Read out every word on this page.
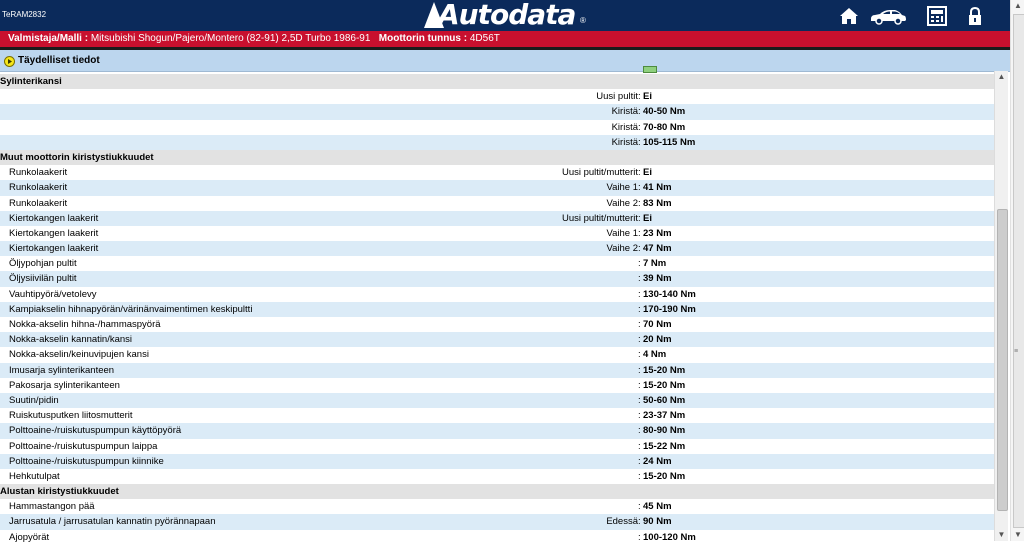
TeRAM2832	Autodata ®
Valmistaja/Malli : Mitsubishi Shogun/Pajero/Montero (82-91) 2,5D Turbo 1986-91 Moottorin tunnus : 4D56T
Täydelliset tiedot
Sylinterikansi
Uusi pultit : Ei
Kiristä : 40-50 Nm
Kiristä : 70-80 Nm
Kiristä : 105-115 Nm
Muut moottorin kiristystiukkuudet
Runkolaakerit	Uusi pultit/mutterit : Ei
Runkolaakerit	Vaihe 1 : 41 Nm
Runkolaakerit	Vaihe 2 : 83 Nm
Kiertokangen laakerit	Uusi pultit/mutterit : Ei
Kiertokangen laakerit	Vaihe 1 : 23 Nm
Kiertokangen laakerit	Vaihe 2 : 47 Nm
Öljypohjan pultit	: 7 Nm
Öljysiivilän pultit	: 39 Nm
Vauhtipyörä/vetolevy	: 130-140 Nm
Kampiakselin hihnapyörän/värinänvaimentimen keskipultti	: 170-190 Nm
Nokka-akselin hihna-/hammaspyörä	: 70 Nm
Nokka-akselin kannatin/kansi	: 20 Nm
Nokka-akselin/keinuvipujen kansi	: 4 Nm
Imusarja sylinterikanteen	: 15-20 Nm
Pakosarja sylinterikanteen	: 15-20 Nm
Suutin/pidin	: 50-60 Nm
Ruiskutusputken liitosmutterit	: 23-37 Nm
Polttoaine-/ruiskutuspumpun käyttöpyörä	: 80-90 Nm
Polttoaine-/ruiskutuspumpun laippa	: 15-22 Nm
Polttoaine-/ruiskutuspumpun kiinnike	: 24 Nm
Hehkutulpat	: 15-20 Nm
Alustan kiristystiukkuudet
Hammastangon pää	: 45 Nm
Jarrusatula / jarrusatulan kannatin pyörännapaan	Edessä : 90 Nm
Ajopyörät	: 100-120 Nm
▲
▼
▲
≡
▼
